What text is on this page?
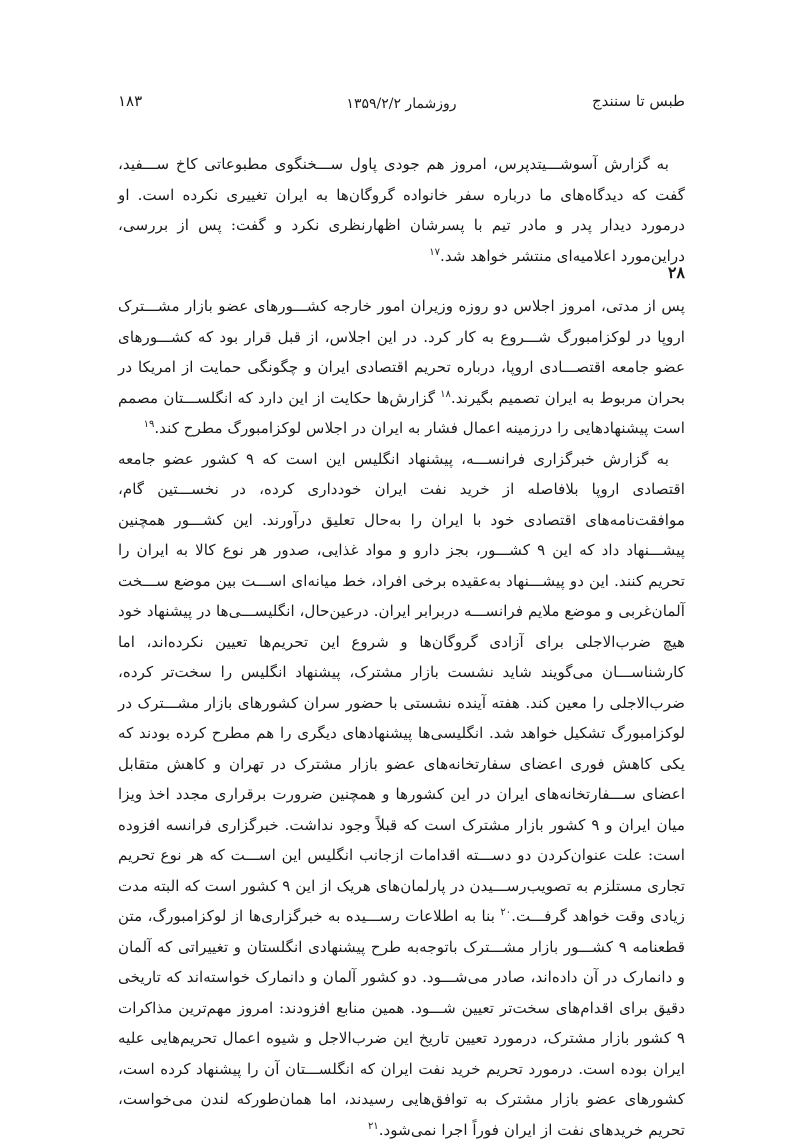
طبس تا سنندج
روزشمار ۱۳۵۹/۲/۲
۱۸۳

به گزارش آسوشـــیتدپرس، امروز هم جودی پاول ســـخنگوی مطبوعاتی کاخ ســـفید، گفت که دیدگاه‌های ما درباره سفر خانواده گروگان‌ها به ایران تغییری نکرده است. او درمورد دیدار پدر و مادر تیم با پسرشان اظهارنظری نکرد و گفت: پس از بررسی، دراین‌مورد اعلامیه‌ای منتشر خواهد شد.$^{۱۷}$

۲۸

پس از مدتی، امروز اجلاس دو روزه وزیران امور خارجه کشـــورهای عضو بازار مشـــترک اروپا در لوکزامبورگ شـــروع به کار کرد. در این اجلاس، از قبل قرار بود که کشـــورهای عضو جامعه اقتصـــادی اروپا، درباره تحریم اقتصادی ایران و چگونگی حمایت از امریکا در بحران مربوط به ایران تصمیم بگیرند.$^{۱۸}$ گزارش‌ها حکایت از این دارد که انگلســـتان مصمم است پیشنهادهایی را درزمینه اعمال فشار به ایران در اجلاس لوکزامبورگ مطرح کند.$^{۱۹}$

به گزارش خبرگزاری فرانســـه، پیشنهاد انگلیس این است که ۹ کشور عضو جامعه اقتصادی اروپا بلافاصله از خرید نفت ایران خودداری کرده، در نخســـتین گام، موافقت‌نامه‌های اقتصادی خود با ایران را به‌حال تعلیق درآورند. این کشـــور همچنین پیشـــنهاد داد که این ۹ کشـــور، بجز دارو و مواد غذایی، صدور هر نوع کالا به ایران را تحریم کنند. این دو پیشـــنهاد به‌عقیده برخی افراد، خط میانه‌ای اســـت بین موضع ســـخت آلمان‌غربی و موضع ملایم فرانســـه دربرابر ایران. درعین‌حال، انگلیســـی‌ها در پیشنهاد خود هیچ ضرب‌الاجلی برای آزادی گروگان‌ها و شروع این تحریم‌ها تعیین نکرده‌اند، اما کارشناســـان می‌گویند شاید نشست بازار مشترک، پیشنهاد انگلیس را سخت‌تر کرده، ضرب‌الاجلی را معین کند. هفته آینده نشستی با حضور سران کشورهای بازار مشـــترک در لوکزامبورگ تشکیل خواهد شد. انگلیسی‌ها پیشنهادهای دیگری را هم مطرح کرده بودند که یکی کاهش فوری اعضای سفارتخانه‌های عضو بازار مشترک در تهران و کاهش متقابل اعضای ســـفارتخانه‌های ایران در این کشورها و همچنین ضرورت برقراری مجدد اخذ ویزا میان ایران و ۹ کشور بازار مشترک است که قبلاً وجود نداشت. خبرگزاری فرانسه افزوده است: علت عنوان‌کردن دو دســـته اقدامات ازجانب انگلیس این اســـت که هر نوع تحریم تجاری مستلزم به تصویب‌رســـیدن در پارلمان‌های هریک از این ۹ کشور است که البته مدت زیادی وقت خواهد گرفـــت.$^{۲۰}$ بنا به اطلاعات رســـیده به خبرگزاری‌ها از لوکزامبورگ، متن قطعنامه ۹ کشـــور بازار مشـــترک باتوجه‌به طرح پیشنهادی انگلستان و تغییراتی که آلمان و دانمارک در آن داده‌اند، صادر می‌شـــود. دو کشور آلمان و دانمارک خواسته‌اند که تاریخی دقیق برای اقدام‌های سخت‌تر تعیین شـــود. همین منابع افزودند: امروز مهم‌ترین مذاکرات ۹ کشور بازار مشترک، درمورد تعیین تاریخ این ضرب‌الاجل و شیوه اعمال تحریم‌هایی علیه ایران بوده است. درمورد تحریم خرید نفت ایران که انگلســـتان آن را پیشنهاد کرده است، کشورهای عضو بازار مشترک به توافق‌هایی رسیدند، اما همان‌طورکه لندن می‌خواست، تحریم خریدهای نفت از ایران فوراً اجرا نمی‌شود.$^{۲۱}$
